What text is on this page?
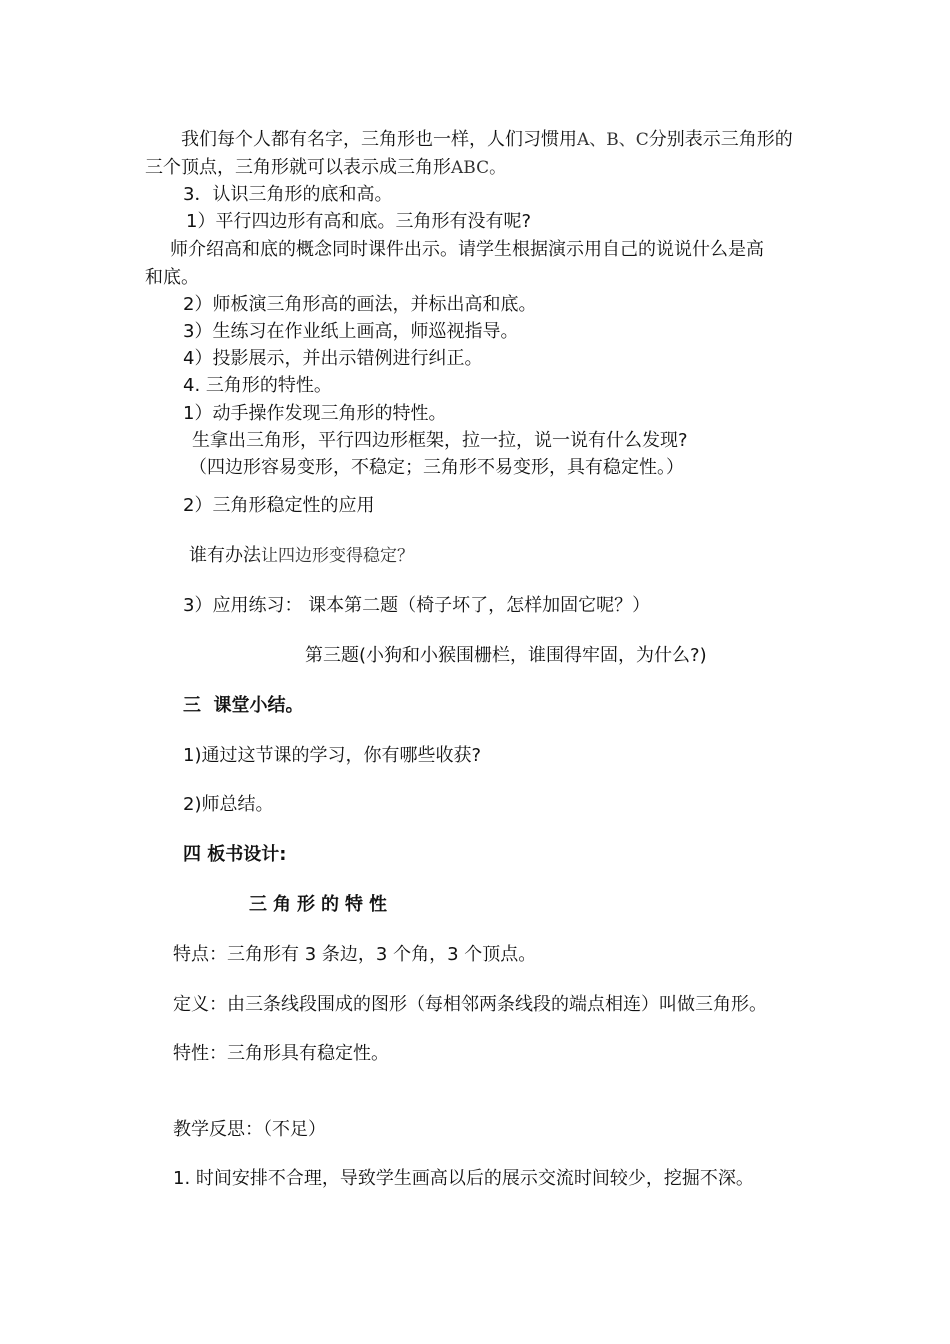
我们每个人都有名字，三角形也一样，人们习惯用A、B、C分别表示三角形的
三个顶点，三角形就可以表示成三角形ABC。
3．认识三角形的底和高。
1）平行四边形有高和底。三角形有没有呢?
师介绍高和底的概念同时课件出示。请学生根据演示用自己的说说什么是高
和底。
2）师板演三角形高的画法，并标出高和底。
3）生练习在作业纸上画高，师巡视指导。
4）投影展示，并出示错例进行纠正。
4. 三角形的特性。
1）动手操作发现三角形的特性。
生拿出三角形，平行四边形框架，拉一拉，说一说有什么发现?
（四边形容易变形，不稳定；三角形不易变形，具有稳定性。）
2）三角形稳定性的应用
谁有办法让四边形变得稳定？
3）应用练习： 课本第二题（椅子坏了，怎样加固它呢？）
第三题(小狗和小猴围栅栏，谁围得牢固，为什么?)
三  课堂小结。
1)通过这节课的学习，你有哪些收获?
2)师总结。
四 板书设计:
三角形的特性
特点：三角形有 3 条边，3 个角，3 个顶点。
定义：由三条线段围成的图形（每相邻两条线段的端点相连）叫做三角形。
特性：三角形具有稳定性。
教学反思：（不足）
1. 时间安排不合理，导致学生画高以后的展示交流时间较少，挖掘不深。
